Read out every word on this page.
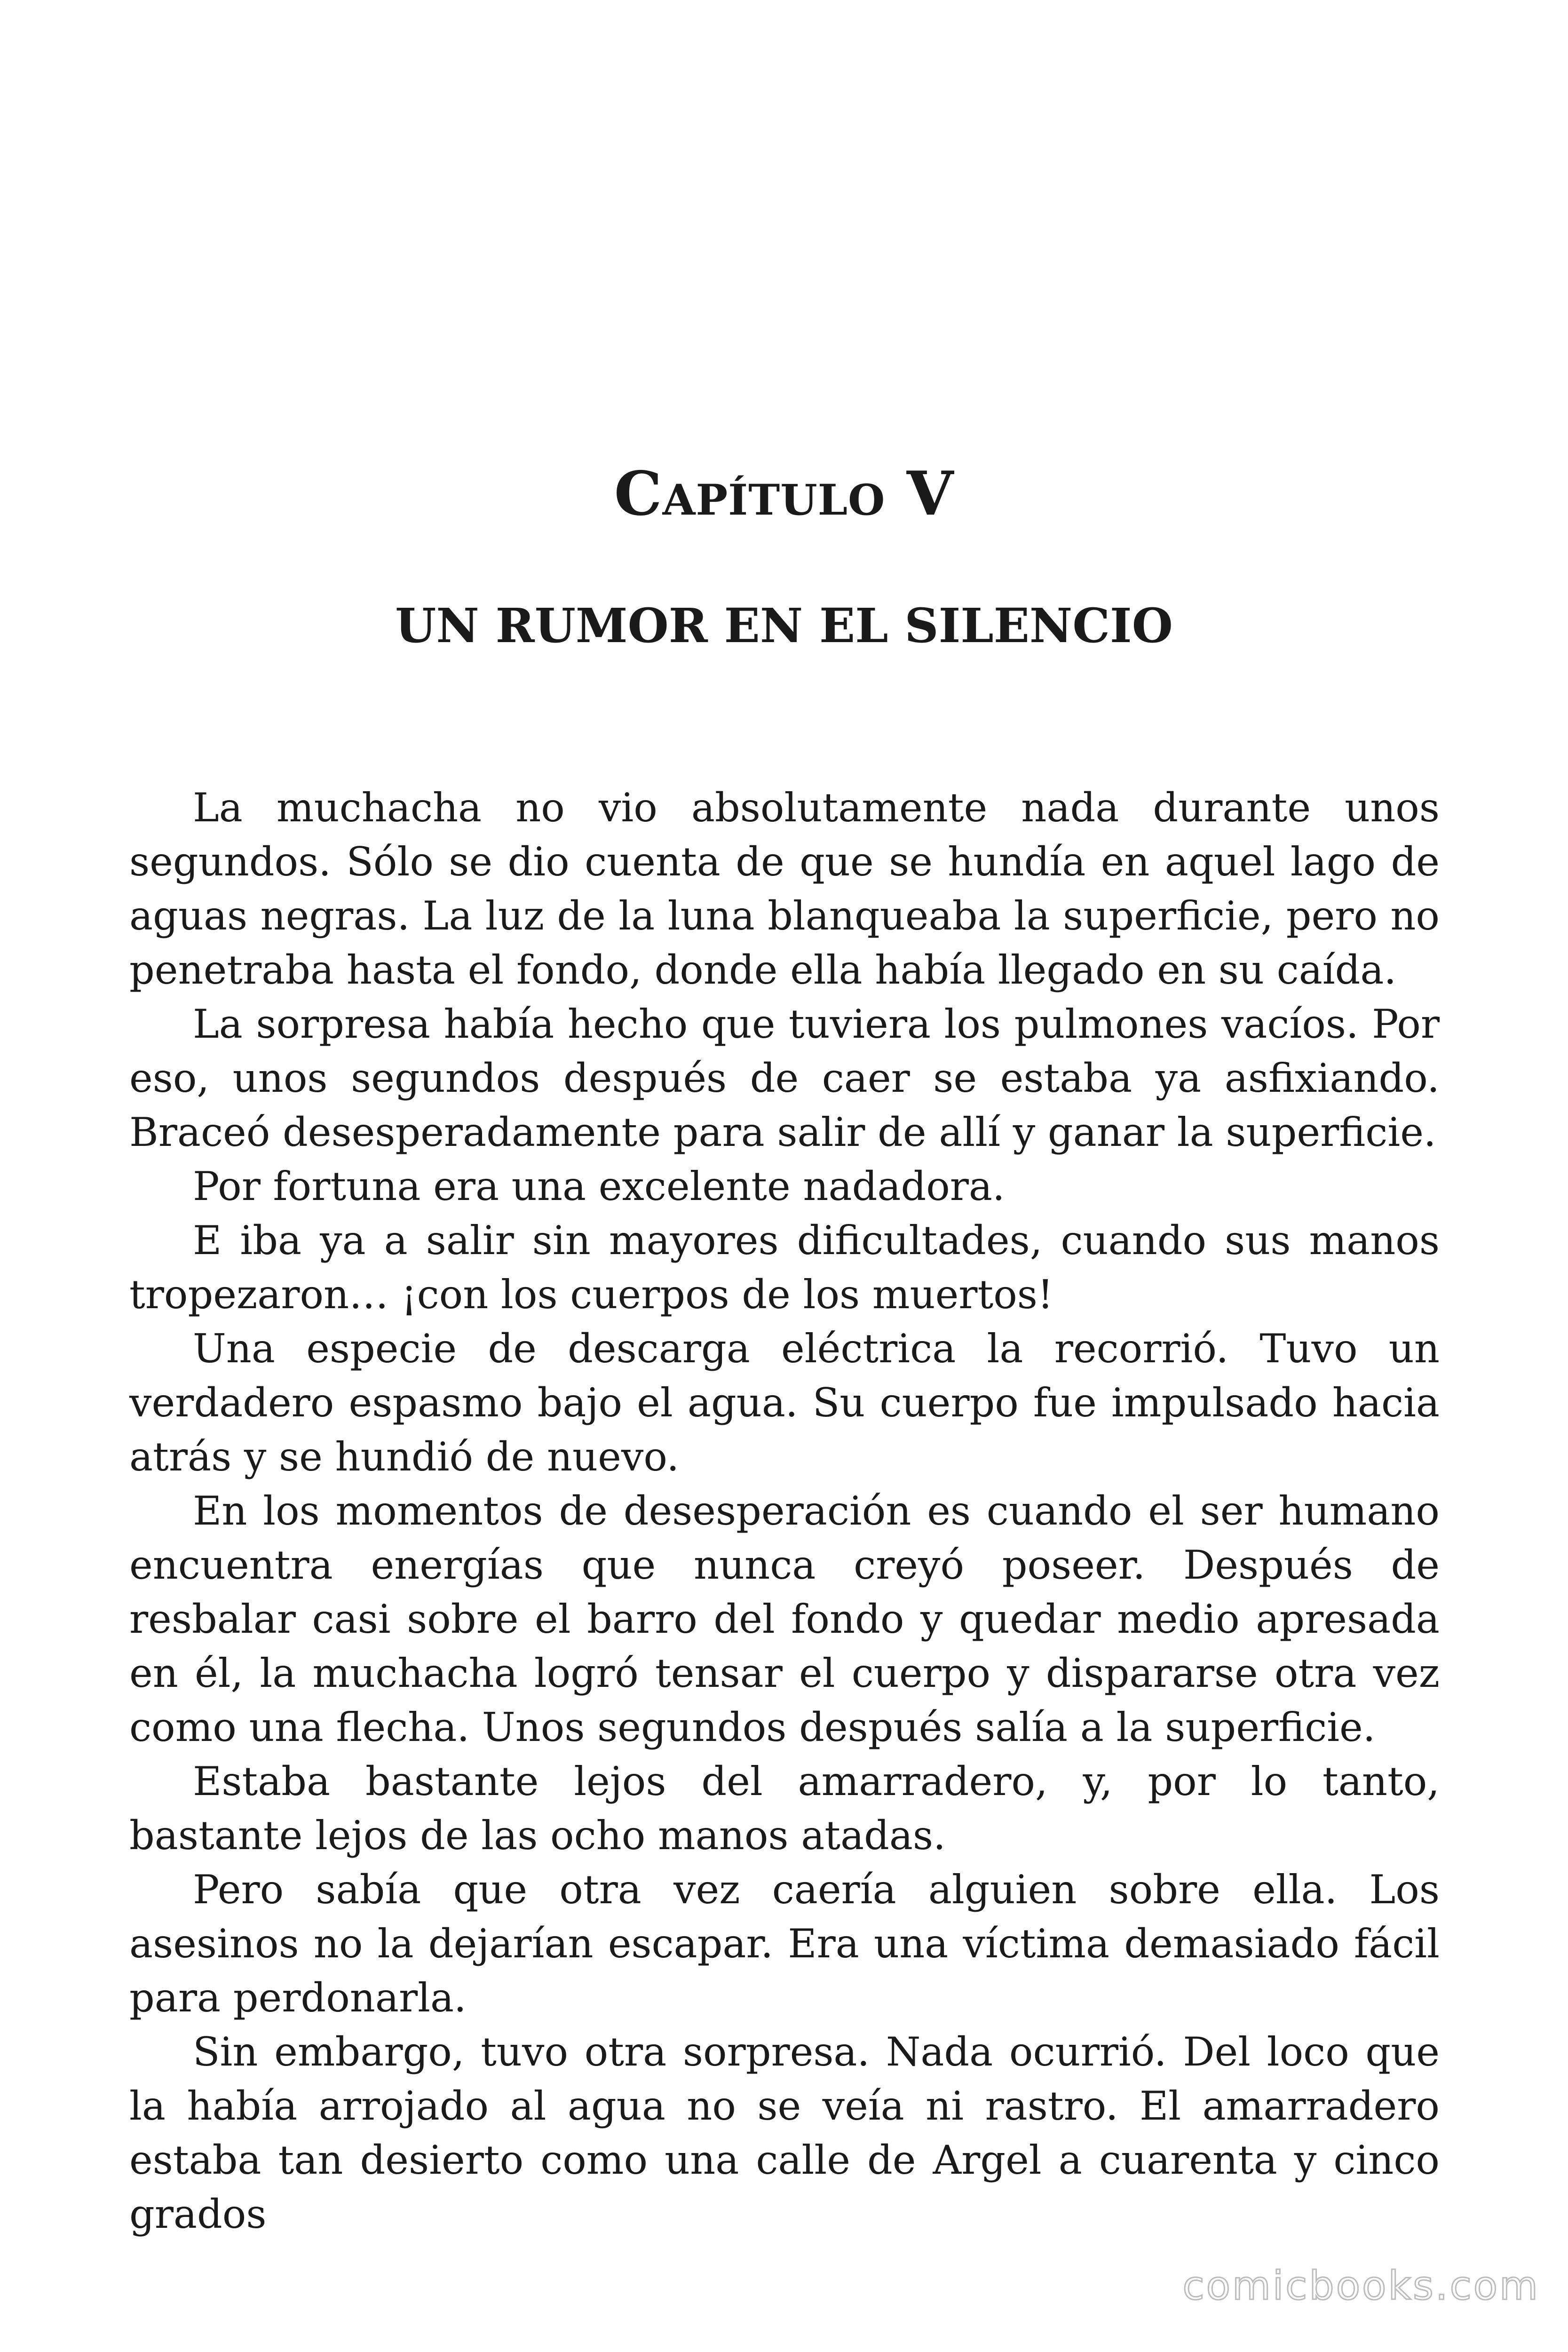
Capítulo V
UN RUMOR EN EL SILENCIO

La muchacha no vio absolutamente nada durante unos segundos. Sólo se dio cuenta de que se hundía en aquel lago de aguas negras. La luz de la luna blanqueaba la superficie, pero no penetraba hasta el fondo, donde ella había llegado en su caída.

La sorpresa había hecho que tuviera los pulmones vacíos. Por eso, unos segundos después de caer se estaba ya asfixiando. Braceó desesperadamente para salir de allí y ganar la superficie.

Por fortuna era una excelente nadadora.

E iba ya a salir sin mayores dificultades, cuando sus manos tropezaron… ¡con los cuerpos de los muertos!

Una especie de descarga eléctrica la recorrió. Tuvo un verdadero espasmo bajo el agua. Su cuerpo fue impulsado hacia atrás y se hundió de nuevo.

En los momentos de desesperación es cuando el ser humano encuentra energías que nunca creyó poseer. Después de resbalar casi sobre el barro del fondo y quedar medio apresada en él, la muchacha logró tensar el cuerpo y dispararse otra vez como una flecha. Unos segundos después salía a la superficie.

Estaba bastante lejos del amarradero, y, por lo tanto, bastante lejos de las ocho manos atadas.

Pero sabía que otra vez caería alguien sobre ella. Los asesinos no la dejarían escapar. Era una víctima demasiado fácil para perdonarla.

Sin embargo, tuvo otra sorpresa. Nada ocurrió. Del loco que la había arrojado al agua no se veía ni rastro. El amarradero estaba tan desierto como una calle de Argel a cuarenta y cinco grados

comicbooks.com
